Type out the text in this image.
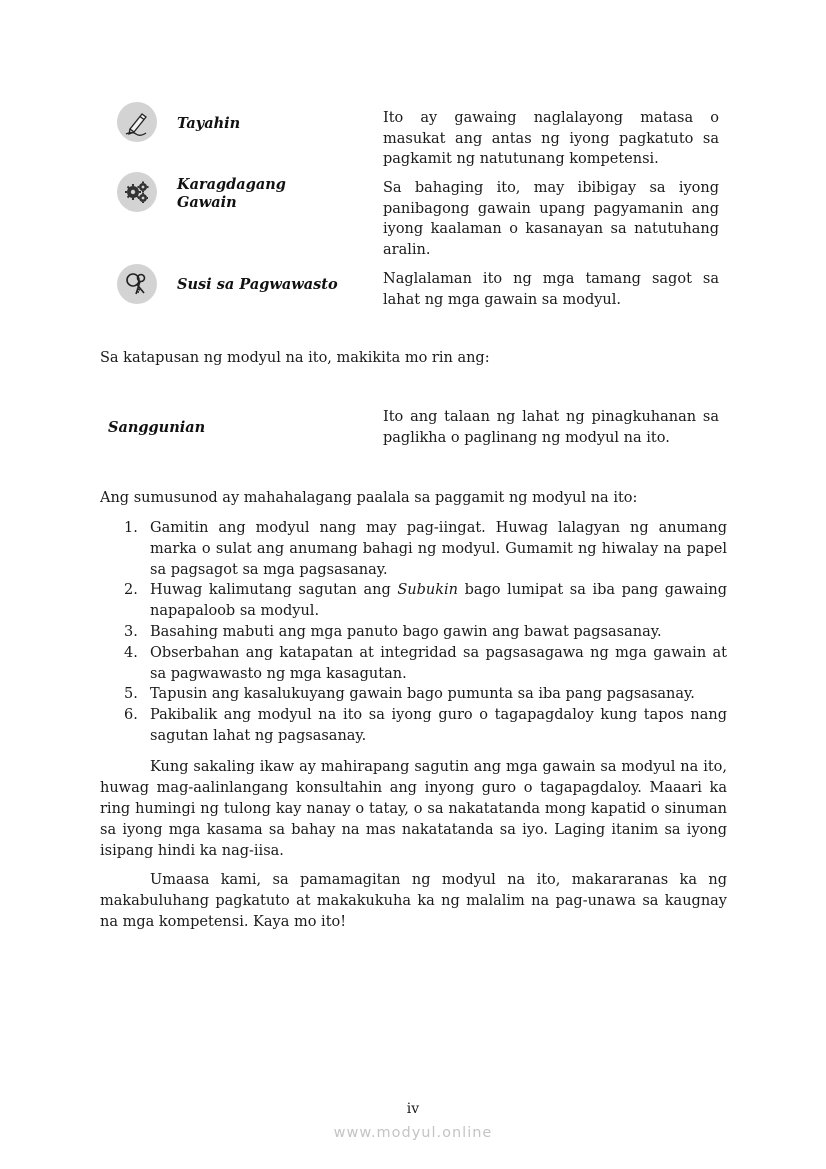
Tayahin	Ito ay gawaing naglalayong matasa o masukat ang antas ng iyong pagkatuto sa pagkamit ng natutunang kompetensi.
Karagdagang Gawain
Sa bahaging ito, may ibibigay sa iyong panibagong gawain upang pagyamanin ang iyong kaalaman o kasanayan sa natutuhang aralin.
Susi sa Pagwawasto	Naglalaman ito ng mga tamang sagot sa lahat ng mga gawain sa modyul.
Sa katapusan ng modyul na ito, makikita mo rin ang:
Sanggunian
Ito ang talaan ng lahat ng pinagkuhanan sa paglikha o paglinang ng modyul na ito.
Ang sumusunod ay mahahalagang paalala sa paggamit ng modyul na ito:
1. Gamitin ang modyul nang may pag-iingat. Huwag lalagyan ng anumang marka o sulat ang anumang bahagi ng modyul. Gumamit ng hiwalay na papel sa pagsagot sa mga pagsasanay.
2. Huwag kalimutang sagutan ang Subukin bago lumipat sa iba pang gawaing napapaloob sa modyul.
3. Basahing mabuti ang mga panuto bago gawin ang bawat pagsasanay.
4. Obserbahan ang katapatan at integridad sa pagsasagawa ng mga gawain at sa pagwawasto ng mga kasagutan.
5. Tapusin ang kasalukuyang gawain bago pumunta sa iba pang pagsasanay.
6. Pakibalik ang modyul na ito sa iyong guro o tagapagdaloy kung tapos nang sagutan lahat ng pagsasanay.
Kung sakaling ikaw ay mahirapang sagutin ang mga gawain sa modyul na ito, huwag mag-aalinlangang konsultahin ang inyong guro o tagapagdaloy. Maaari ka ring humingi ng tulong kay nanay o tatay, o sa nakatatanda mong kapatid o sinuman sa iyong mga kasama sa bahay na mas nakatatanda sa iyo. Laging itanim sa iyong isipang hindi ka nag-iisa.
Umaasa kami, sa pamamagitan ng modyul na ito, makararanas ka ng makabuluhang pagkatuto at makakukuha ka ng malalim na pag-unawa sa kaugnay na mga kompetensi. Kaya mo ito!
iv
www.modyul.online
